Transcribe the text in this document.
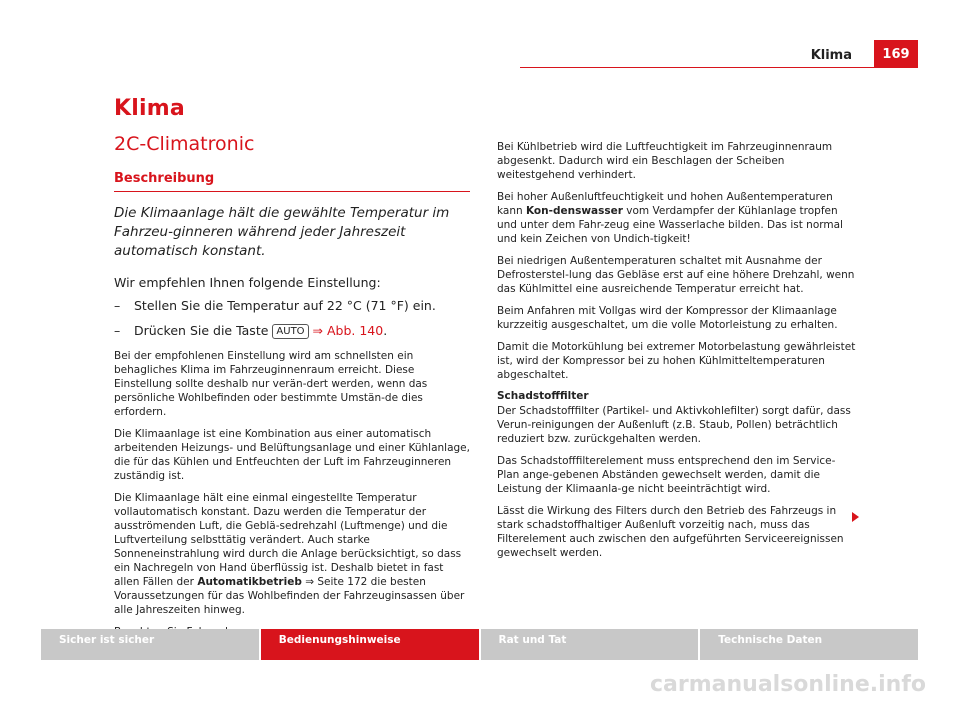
Klima	169
Klima
2C-Climatronic
Beschreibung
Die Klimaanlage hält die gewählte Temperatur im Fahrzeu-ginneren während jeder Jahreszeit automatisch konstant.
Wir empfehlen Ihnen folgende Einstellung:
– Stellen Sie die Temperatur auf 22 °C (71 °F) ein.
– Drücken Sie die Taste AUTO ⇒ Abb. 140.

Bei der empfohlenen Einstellung wird am schnellsten ein behagliches Klima im Fahrzeuginnenraum erreicht. Diese Einstellung sollte deshalb nur verän-dert werden, wenn das persönliche Wohlbefinden oder bestimmte Umstän-de dies erfordern.

Die Klimaanlage ist eine Kombination aus einer automatisch arbeitenden Heizungs- und Belüftungsanlage und einer Kühlanlage, die für das Kühlen und Entfeuchten der Luft im Fahrzeuginneren zuständig ist.

Die Klimaanlage hält eine einmal eingestellte Temperatur vollautomatisch konstant. Dazu werden die Temperatur der ausströmenden Luft, die Geblä-sedrehzahl (Luftmenge) und die Luftverteilung selbsttätig verändert. Auch starke Sonneneinstrahlung wird durch die Anlage berücksichtigt, so dass ein Nachregeln von Hand überflüssig ist. Deshalb bietet in fast allen Fällen der Automatikbetrieb ⇒ Seite 172 die besten Voraussetzungen für das Wohlbefinden der Fahrzeuginsassen über alle Jahreszeiten hinweg.

Bei Kühlbetrieb wird die Luftfeuchtigkeit im Fahrzeuginnenraum abgesenkt. Dadurch wird ein Beschlagen der Scheiben weitestgehend verhindert.

Bei hoher Außenluftfeuchtigkeit und hohen Außentemperaturen kann Kon-denswasser vom Verdampfer der Kühlanlage tropfen und unter dem Fahr-zeug eine Wasserlache bilden. Das ist normal und kein Zeichen von Undich-tigkeit!

Bei niedrigen Außentemperaturen schaltet mit Ausnahme der Defrosterstel-lung das Gebläse erst auf eine höhere Drehzahl, wenn das Kühlmittel eine ausreichende Temperatur erreicht hat.

Beim Anfahren mit Vollgas wird der Kompressor der Klimaanlage kurzzeitig ausgeschaltet, um die volle Motorleistung zu erhalten.

Damit die Motorkühlung bei extremer Motorbelastung gewährleistet ist, wird der Kompressor bei zu hohen Kühlmitteltemperaturen abgeschaltet.

Schadstofffilter

Der Schadstofffilter (Partikel- und Aktivkohlefilter) sorgt dafür, dass Verun-reinigungen der Außenluft (z.B. Staub, Pollen) beträchtlich reduziert bzw. zurückgehalten werden.

Das Schadstofffilterelement muss entsprechend den im Service-Plan ange-gebenen Abständen gewechselt werden, damit die Leistung der Klimaanla-ge nicht beeinträchtigt wird.

Lässt die Wirkung des Filters durch den Betrieb des Fahrzeugs in stark schadstoffhaltiger Außenluft vorzeitig nach, muss das Filterelement auch zwischen den aufgeführten Serviceereignissen gewechselt werden.

Sicher ist sicher	Bedienungshinweise	Rat und Tat	Technische Daten
carmanualsonline.info
